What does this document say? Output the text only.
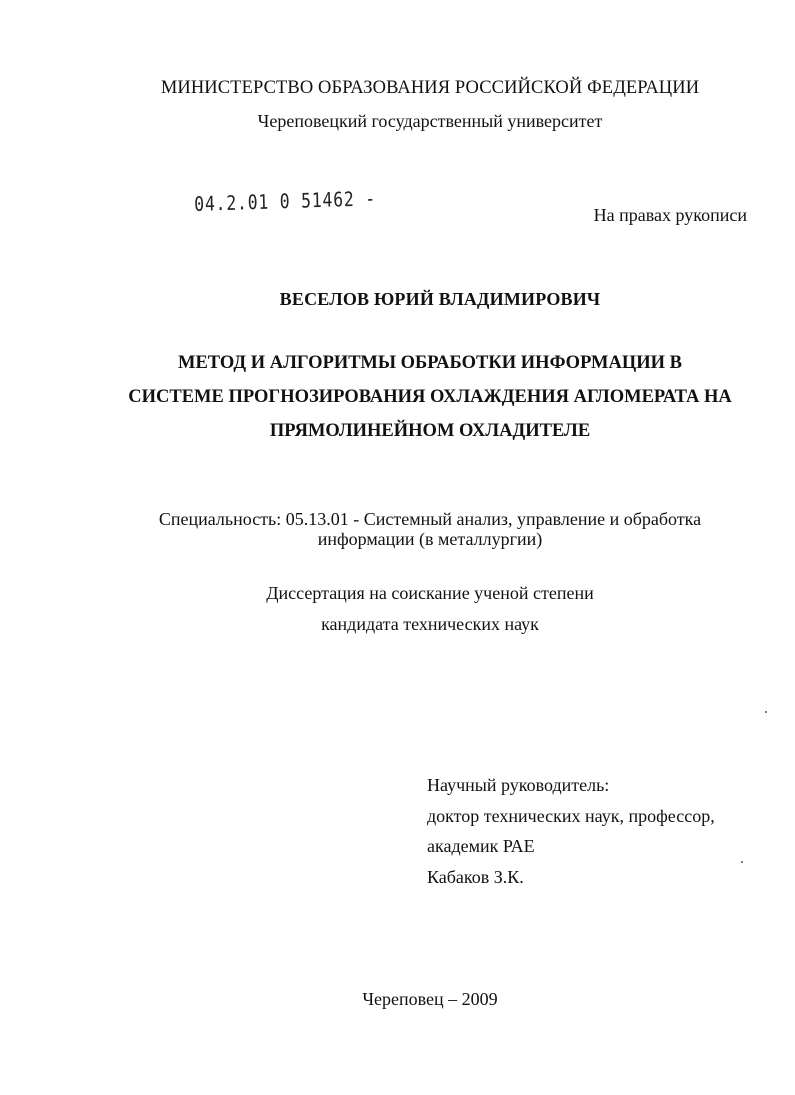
МИНИСТЕРСТВО ОБРАЗОВАНИЯ РОССИЙСКОЙ ФЕДЕРАЦИИ
Череповецкий государственный университет
04.2.01 0 51462 -	На правах рукописи
ВЕСЕЛОВ ЮРИЙ ВЛАДИМИРОВИЧ
МЕТОД И АЛГОРИТМЫ ОБРАБОТКИ ИНФОРМАЦИИ В
СИСТЕМЕ ПРОГНОЗИРОВАНИЯ ОХЛАЖДЕНИЯ АГЛОМЕРАТА НА
ПРЯМОЛИНЕЙНОМ ОХЛАДИТЕЛЕ
Специальность: 05.13.01 - Системный анализ, управление и обработка
информации (в металлургии)
Диссертация на соискание ученой степени
кандидата технических наук
Научный руководитель:
доктор технических наук, профессор,
академик РАЕ
Кабаков З.К.
Череповец – 2009
